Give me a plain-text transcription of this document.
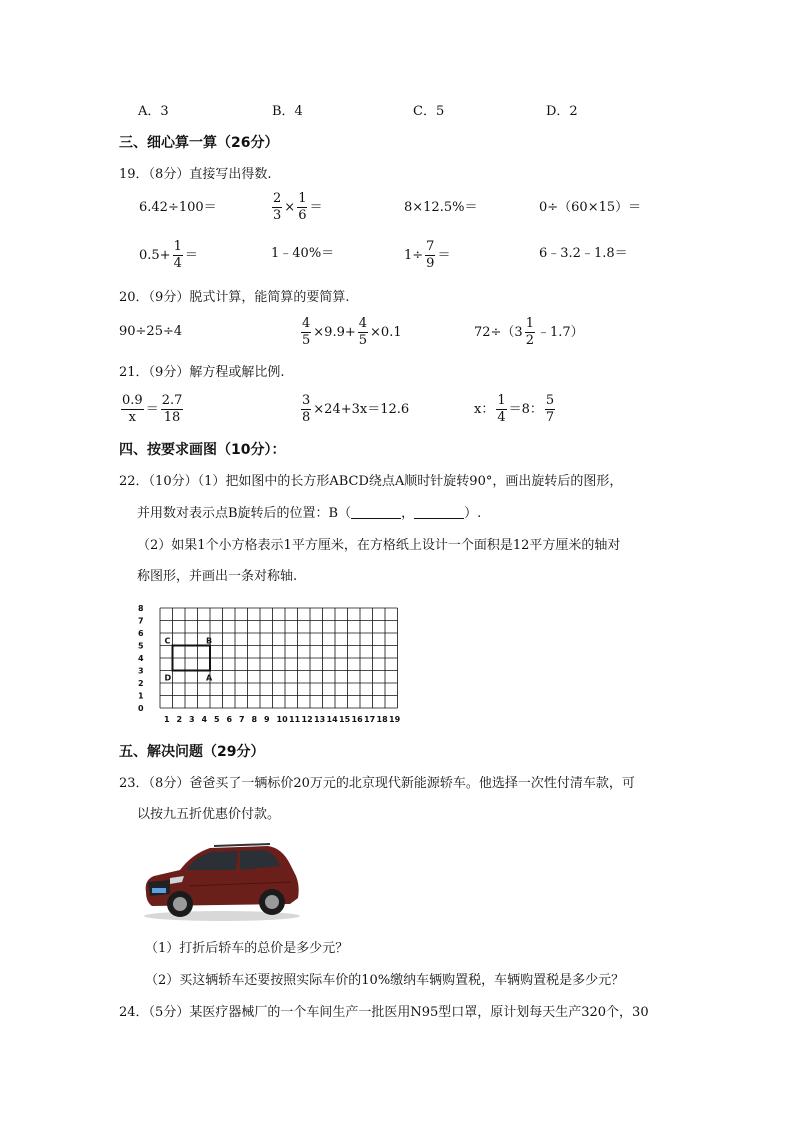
A．3	B．4	C．5	D．2
三、细心算一算（26分）
19．（8分）直接写出得数.
6.42÷100＝	$\frac{2}{3} \times \frac{1}{6}$ ＝	8×12.5%＝	0÷（60×15）＝
$0.5+ \frac{1}{4}$ ＝	1﹣40%＝	$1\div \frac{7}{9}$ ＝	6﹣3.2﹣1.8＝
20．（9分）脱式计算，能简算的要简算.
90÷25÷4	$\frac{4}{5} \times 9.9+ \frac{4}{5} \times 0.1$	$72\div(3 \frac{1}{2}$ ﹣1.7）
21．（9分）解方程或解比例.
$\frac{0.9}{x} = \frac{2.7}{18}$	$\frac{3}{8} \times 24+3x=12.6$	x： $\frac{1}{4} =8$： $\frac{5}{7}$
四、按要求画图（10分）：
22．（10分）（1）把如图中的长方形ABCD绕点A顺时针旋转90°，画出旋转后的图形，
并用数对表示点B旋转后的位置：B（	，	）.
（2）如果1个小方格表示1平方厘米，在方格纸上设计一个面积是12平方厘米的轴对
称图形，并画出一条对称轴.
0
1
2
3
4
5
6
7
8
1 2 3 4 5 6 7 8 9 10 11 12 13 14 15 16 17 18 19
C	B
D	A
五、解决问题（29分）
23．（8分）爸爸买了一辆标价20万元的北京现代新能源轿车。他选择一次性付清车款，可
以按九五折优惠价付款。
（1）打折后轿车的总价是多少元？
（2）买这辆轿车还要按照实际车价的10%缴纳车辆购置税，车辆购置税是多少元？
24．（5分）某医疗器械厂的一个车间生产一批医用N95型口罩，原计划每天生产320个，30
